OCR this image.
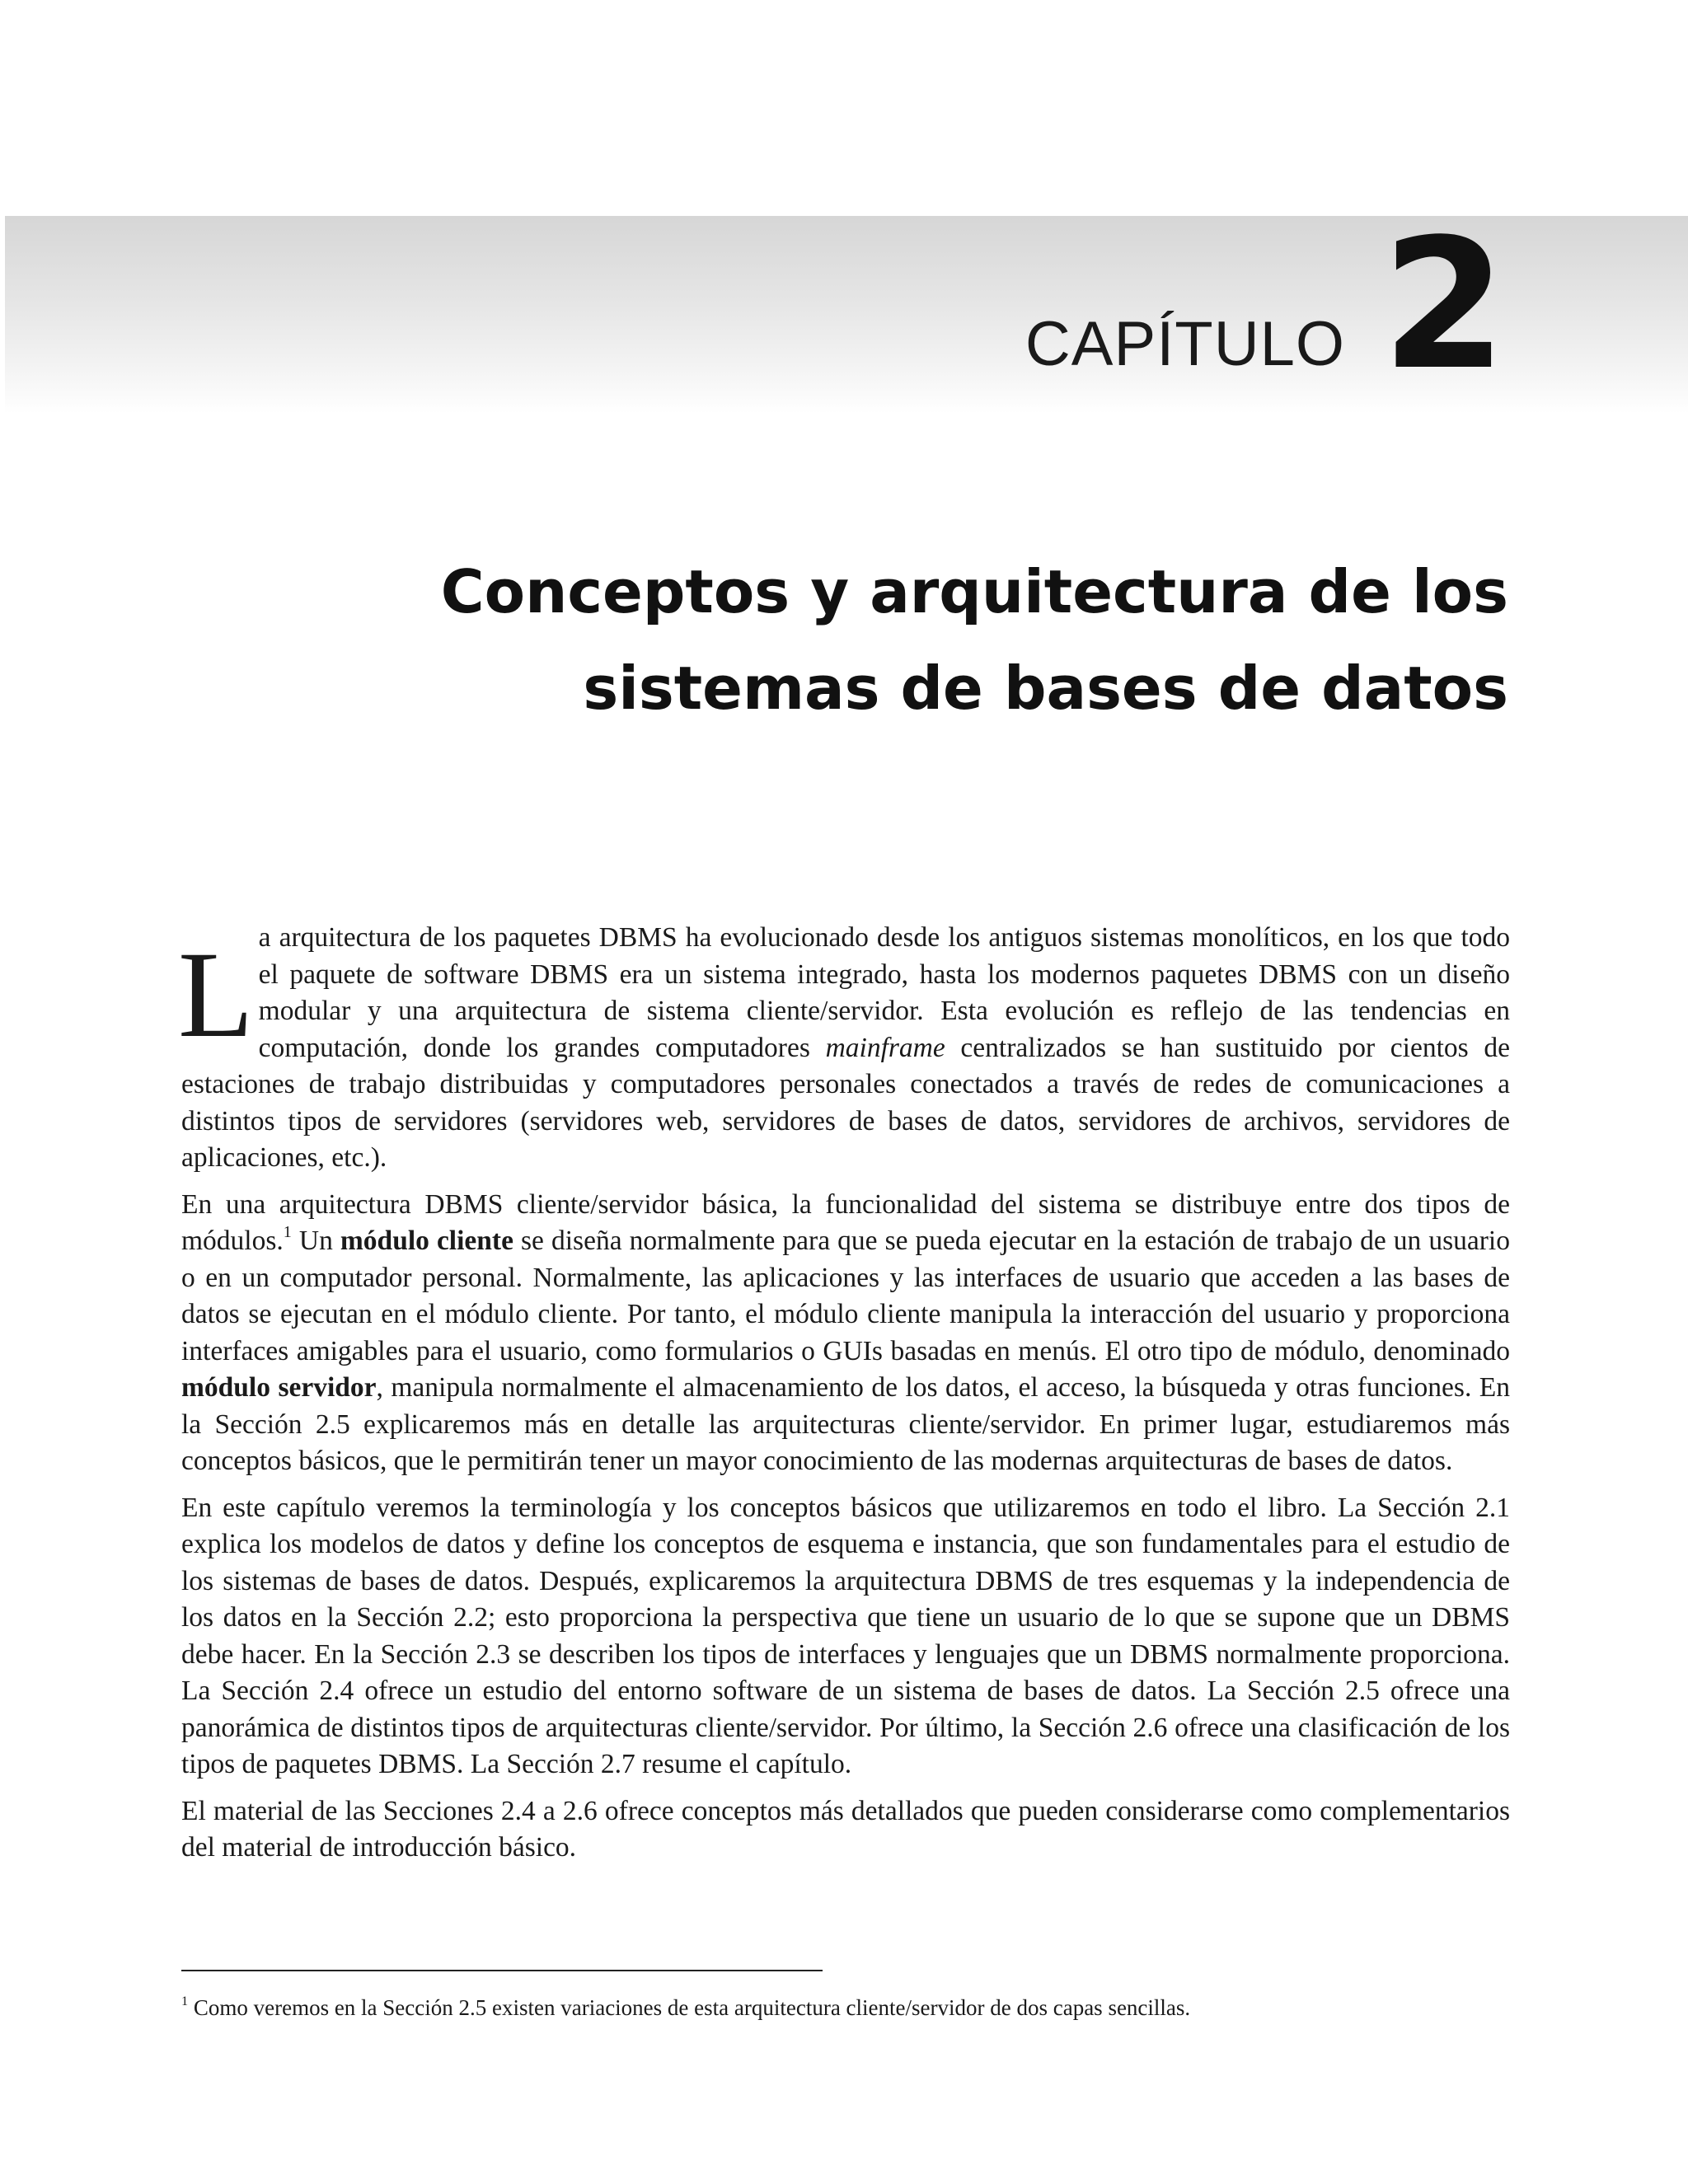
CAPÍTULO 2
Conceptos y arquitectura de los
sistemas de bases de datos

La arquitectura de los paquetes DBMS ha evolucionado desde los antiguos sistemas monolíticos, en los que todo el paquete de software DBMS era un sistema integrado, hasta los modernos paquetes DBMS con un diseño modular y una arquitectura de sistema cliente/servidor. Esta evolución es reflejo de las tendencias en computación, donde los grandes computadores mainframe centralizados se han sustituido por cientos de estaciones de trabajo distribuidas y computadores personales conectados a través de redes de comunicaciones a distintos tipos de servidores (servidores web, servidores de bases de datos, servidores de archivos, servidores de aplicaciones, etc.).

En una arquitectura DBMS cliente/servidor básica, la funcionalidad del sistema se distribuye entre dos tipos de módulos.$^1$ Un módulo cliente se diseña normalmente para que se pueda ejecutar en la estación de trabajo de un usuario o en un computador personal. Normalmente, las aplicaciones y las interfaces de usuario que acceden a las bases de datos se ejecutan en el módulo cliente. Por tanto, el módulo cliente manipula la interacción del usuario y proporciona interfaces amigables para el usuario, como formularios o GUIs basadas en menús. El otro tipo de módulo, denominado módulo servidor, manipula normalmente el almacenamiento de los datos, el acceso, la búsqueda y otras funciones. En la Sección 2.5 explicaremos más en detalle las arquitecturas cliente/servidor. En primer lugar, estudiaremos más conceptos básicos, que le permitirán tener un mayor conocimiento de las modernas arquitecturas de bases de datos.

En este capítulo veremos la terminología y los conceptos básicos que utilizaremos en todo el libro. La Sección 2.1 explica los modelos de datos y define los conceptos de esquema e instancia, que son fundamentales para el estudio de los sistemas de bases de datos. Después, explicaremos la arquitectura DBMS de tres esquemas y la independencia de los datos en la Sección 2.2; esto proporciona la perspectiva que tiene un usuario de lo que se supone que un DBMS debe hacer. En la Sección 2.3 se describen los tipos de interfaces y lenguajes que un DBMS normalmente proporciona. La Sección 2.4 ofrece un estudio del entorno software de un sistema de bases de datos. La Sección 2.5 ofrece una panorámica de distintos tipos de arquitecturas cliente/servidor. Por último, la Sección 2.6 ofrece una clasificación de los tipos de paquetes DBMS. La Sección 2.7 resume el capítulo.

El material de las Secciones 2.4 a 2.6 ofrece conceptos más detallados que pueden considerarse como complementarios del material de introducción básico.

$^1$ Como veremos en la Sección 2.5 existen variaciones de esta arquitectura cliente/servidor de dos capas sencillas.
